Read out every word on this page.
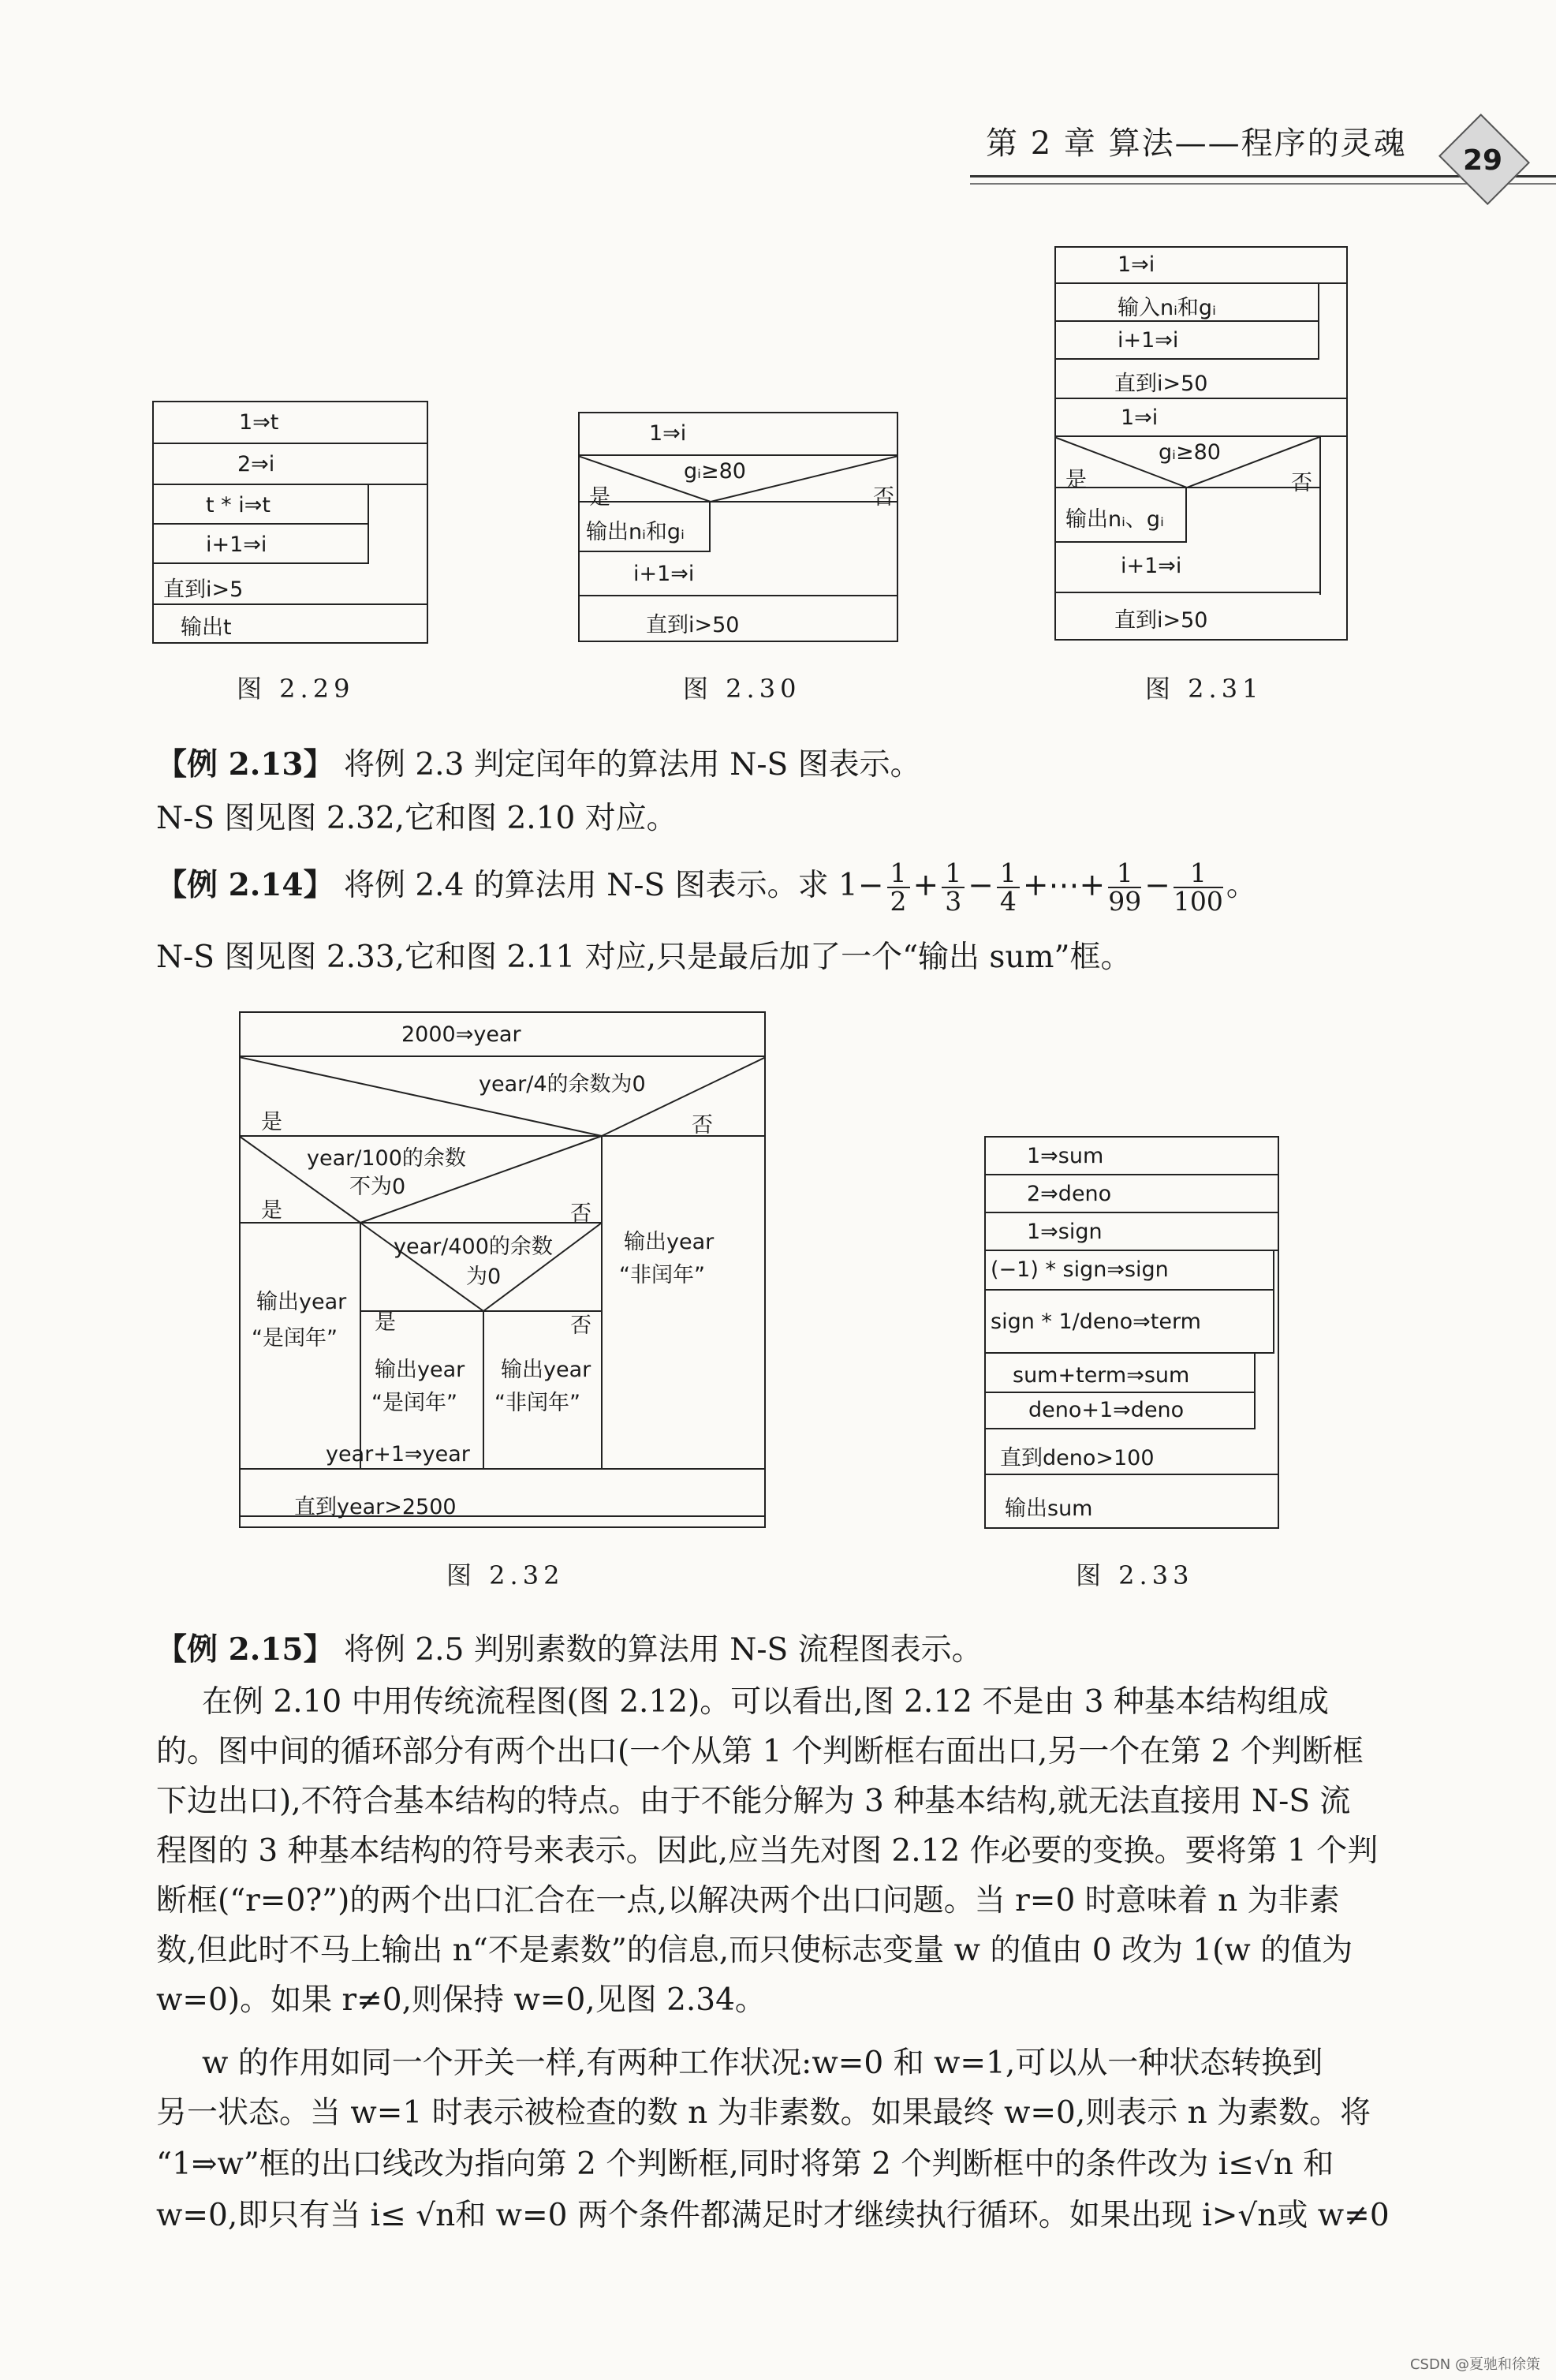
第 2 章 算法——程序的灵魂	29
1⇒t
2⇒i
t * i⇒t
i+1⇒i
直到i>5
输出t
图 2.29
1⇒i
gᵢ≥80
是	否
输出nᵢ和gᵢ
i+1⇒i
直到i>50
图 2.30
1⇒i
输入nᵢ和gᵢ
i+1⇒i
直到i>50
1⇒i
gᵢ≥80
是	否
输出nᵢ、gᵢ
i+1⇒i
直到i>50
图 2.31
【例 2.13】 将例 2.3 判定闰年的算法用 N-S 图表示。
N-S 图见图 2.32,它和图 2.10 对应。
【例 2.14】 将例 2.4 的算法用 N-S 图表示。求 $1- \frac{1}{2} + \frac{1}{3} - \frac{1}{4}$ +⋯+ $\frac{1}{99} - \frac{1}{100}$ 。
N-S 图见图 2.33,它和图 2.11 对应,只是最后加了一个“输出 sum”框。
2000⇒year
year/4的余数为0
是	否
year/100的余数
不为0
是	否
输出year
“非闰年”
year/400的余数
为0
是	否
输出year
“是闰年”
输出year
“是闰年”
输出year
“非闰年”
year+1⇒year
直到year>2500
图 2.32
1⇒sum
2⇒deno
1⇒sign
(−1) * sign⇒sign
sign * 1/deno⇒term
sum+term⇒sum
deno+1⇒deno
直到deno>100
输出sum
图 2.33
【例 2.15】 将例 2.5 判别素数的算法用 N-S 流程图表示。
在例 2.10 中用传统流程图(图 2.12)。可以看出,图 2.12 不是由 3 种基本结构组成
的。图中间的循环部分有两个出口(一个从第 1 个判断框右面出口,另一个在第 2 个判断框
下边出口),不符合基本结构的特点。由于不能分解为 3 种基本结构,就无法直接用 N-S 流
程图的 3 种基本结构的符号来表示。因此,应当先对图 2.12 作必要的变换。要将第 1 个判
断框(“r=0?”)的两个出口汇合在一点,以解决两个出口问题。当 r=0 时意味着 n 为非素
数,但此时不马上输出 n“不是素数”的信息,而只使标志变量 w 的值由 0 改为 1(w 的值为
w=0)。如果 r≠0,则保持 w=0,见图 2.34。
w 的作用如同一个开关一样,有两种工作状况:w=0 和 w=1,可以从一种状态转换到
另一状态。当 w=1 时表示被检查的数 n 为非素数。如果最终 w=0,则表示 n 为素数。将
“1⇒w”框的出口线改为指向第 2 个判断框,同时将第 2 个判断框中的条件改为 i≤√n 和
w=0,即只有当 i≤ √n和 w=0 两个条件都满足时才继续执行循环。如果出现 i>√n或 w≠0
CSDN @夏驰和徐策
